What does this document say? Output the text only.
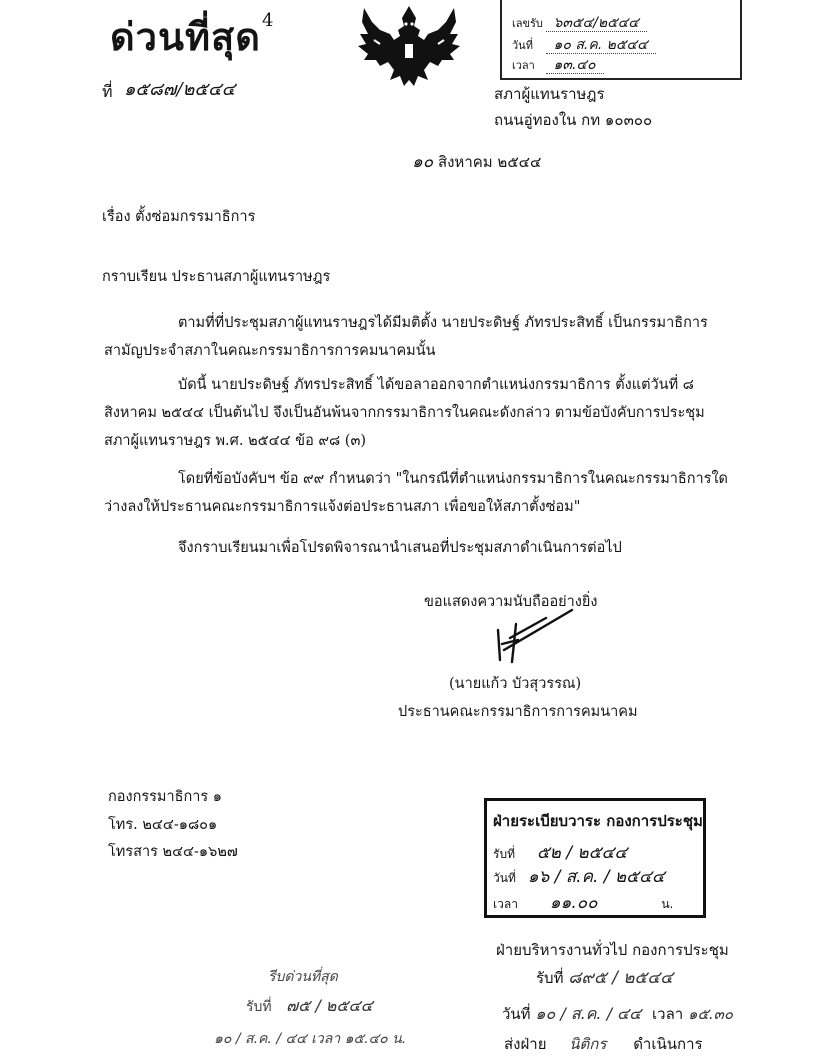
ด่วนที่สุด 4
ที่ ๑๕๘๗/๒๕๔๔
เลขรับ ๖๓๕๔/๒๕๔๔
วันที่ ๑๐ ส.ค. ๒๕๔๔
เวลา ๑๓.๔๐
สภาผู้แทนราษฎร
ถนนอู่ทองใน กท ๑๐๓๐๐
๑๐ สิงหาคม ๒๕๔๔
เรื่อง ตั้งซ่อมกรรมาธิการ
กราบเรียน ประธานสภาผู้แทนราษฎร
ตามที่ที่ประชุมสภาผู้แทนราษฎรได้มีมติตั้ง นายประดิษฐ์ ภัทรประสิทธิ์ เป็นกรรมาธิการ
สามัญประจำสภาในคณะกรรมาธิการการคมนาคมนั้น
บัดนี้ นายประดิษฐ์ ภัทรประสิทธิ์ ได้ขอลาออกจากตำแหน่งกรรมาธิการ ตั้งแต่วันที่ ๘
สิงหาคม ๒๕๔๔ เป็นต้นไป จึงเป็นอันพ้นจากกรรมาธิการในคณะดังกล่าว ตามข้อบังคับการประชุม
สภาผู้แทนราษฎร พ.ศ. ๒๕๔๔ ข้อ ๙๘ (๓)
โดยที่ข้อบังคับฯ ข้อ ๙๙ กำหนดว่า "ในกรณีที่ตำแหน่งกรรมาธิการในคณะกรรมาธิการใด
ว่างลงให้ประธานคณะกรรมาธิการแจ้งต่อประธานสภา เพื่อขอให้สภาตั้งซ่อม"
จึงกราบเรียนมาเพื่อโปรดพิจารณานำเสนอที่ประชุมสภาดำเนินการต่อไป
ขอแสดงความนับถืออย่างยิ่ง
(นายแก้ว บัวสุวรรณ)
ประธานคณะกรรมาธิการการคมนาคม
กองกรรมาธิการ ๑
โทร. ๒๔๔-๑๘๐๑
โทรสาร ๒๔๔-๑๖๒๗
ฝ่ายระเบียบวาระ กองการประชุม
รับที่ ๕๒ / ๒๕๔๔
วันที่ ๑๖ / ส.ค. / ๒๕๔๔
เวลา ๑๑.๐๐	น.
ฝ่ายบริหารงานทั่วไป กองการประชุม
รับที่ ๘๙๕ / ๒๕๔๔
วันที่ ๑๐ / ส.ค. / ๔๔ เวลา ๑๕.๓๐
ส่งฝ่าย นิติกร ดำเนินการ
รีบด่วนที่สุด
รับที่ ๗๕ / ๒๕๔๔
๑๐ / ส.ค. / ๔๔ เวลา ๑๕.๔๐ น.
